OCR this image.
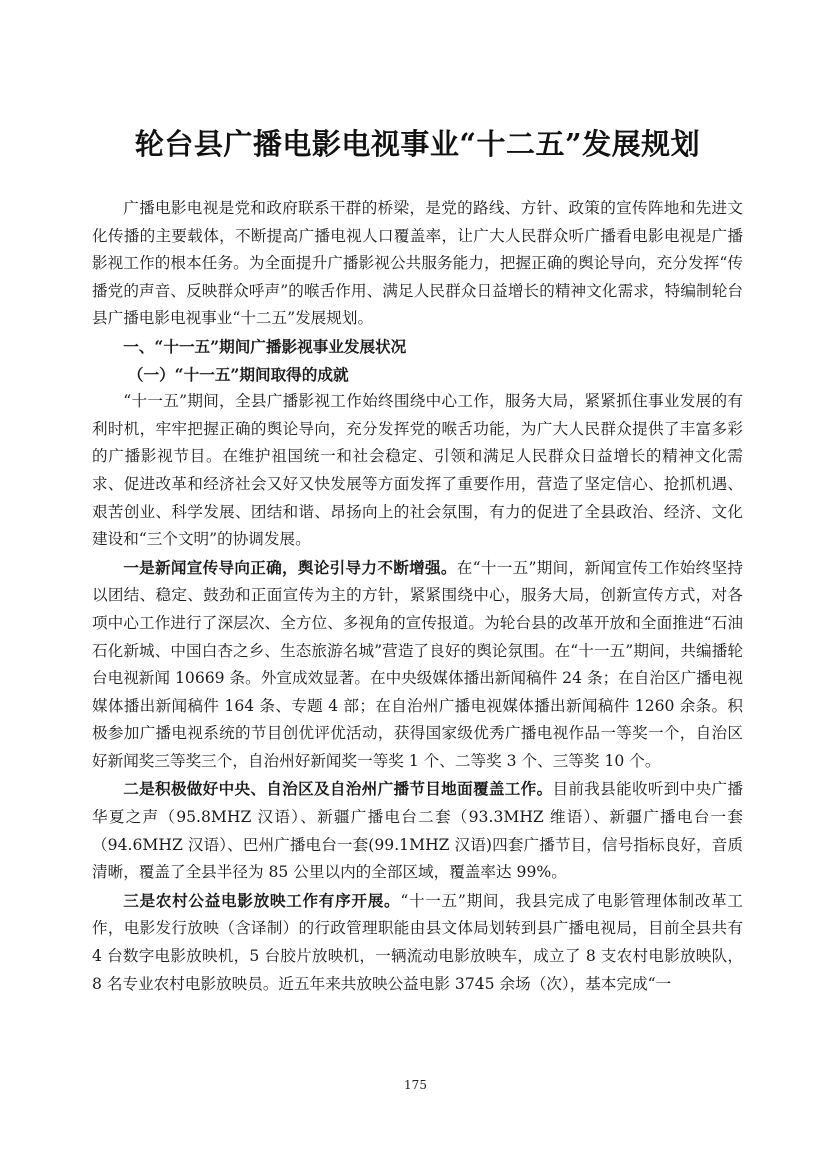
轮台县广播电影电视事业“十二五”发展规划

广播电影电视是党和政府联系干群的桥梁，是党的路线、方针、政策的宣传阵地和先进文化传播的主要载体，不断提高广播电视人口覆盖率，让广大人民群众听广播看电影电视是广播影视工作的根本任务。为全面提升广播影视公共服务能力，把握正确的舆论导向，充分发挥“传播党的声音、反映群众呼声”的喉舌作用、满足人民群众日益增长的精神文化需求，特编制轮台县广播电影电视事业“十二五”发展规划。

一、“十一五”期间广播影视事业发展状况
（一）“十一五”期间取得的成就

“十一五”期间，全县广播影视工作始终围绕中心工作，服务大局，紧紧抓住事业发展的有利时机，牢牢把握正确的舆论导向，充分发挥党的喉舌功能，为广大人民群众提供了丰富多彩的广播影视节目。在维护祖国统一和社会稳定、引领和满足人民群众日益增长的精神文化需求、促进改革和经济社会又好又快发展等方面发挥了重要作用，营造了坚定信心、抢抓机遇、艰苦创业、科学发展、团结和谐、昂扬向上的社会氛围，有力的促进了全县政治、经济、文化建设和“三个文明”的协调发展。

一是新闻宣传导向正确，舆论引导力不断增强。在“十一五”期间，新闻宣传工作始终坚持以团结、稳定、鼓劲和正面宣传为主的方针，紧紧围绕中心，服务大局，创新宣传方式，对各项中心工作进行了深层次、全方位、多视角的宣传报道。为轮台县的改革开放和全面推进“石油石化新城、中国白杏之乡、生态旅游名城”营造了良好的舆论氛围。在“十一五”期间，共编播轮台电视新闻 10669 条。外宣成效显著。在中央级媒体播出新闻稿件 24 条；在自治区广播电视媒体播出新闻稿件 164 条、专题 4 部；在自治州广播电视媒体播出新闻稿件 1260 余条。积极参加广播电视系统的节目创优评优活动，获得国家级优秀广播电视作品一等奖一个，自治区好新闻奖三等奖三个，自治州好新闻奖一等奖 1 个、二等奖 3 个、三等奖 10 个。

二是积极做好中央、自治区及自治州广播节目地面覆盖工作。目前我县能收听到中央广播华夏之声（95.8MHZ 汉语）、新疆广播电台二套（93.3MHZ 维语）、新疆广播电台一套（94.6MHZ 汉语）、巴州广播电台一套(99.1MHZ 汉语)四套广播节目，信号指标良好，音质清晰，覆盖了全县半径为 85 公里以内的全部区域，覆盖率达 99%。

三是农村公益电影放映工作有序开展。“十一五”期间，我县完成了电影管理体制改革工作，电影发行放映（含译制）的行政管理职能由县文体局划转到县广播电视局，目前全县共有 4 台数字电影放映机，5 台胶片放映机，一辆流动电影放映车，成立了 8 支农村电影放映队，8 名专业农村电影放映员。近五年来共放映公益电影 3745 余场（次），基本完成“一

175
